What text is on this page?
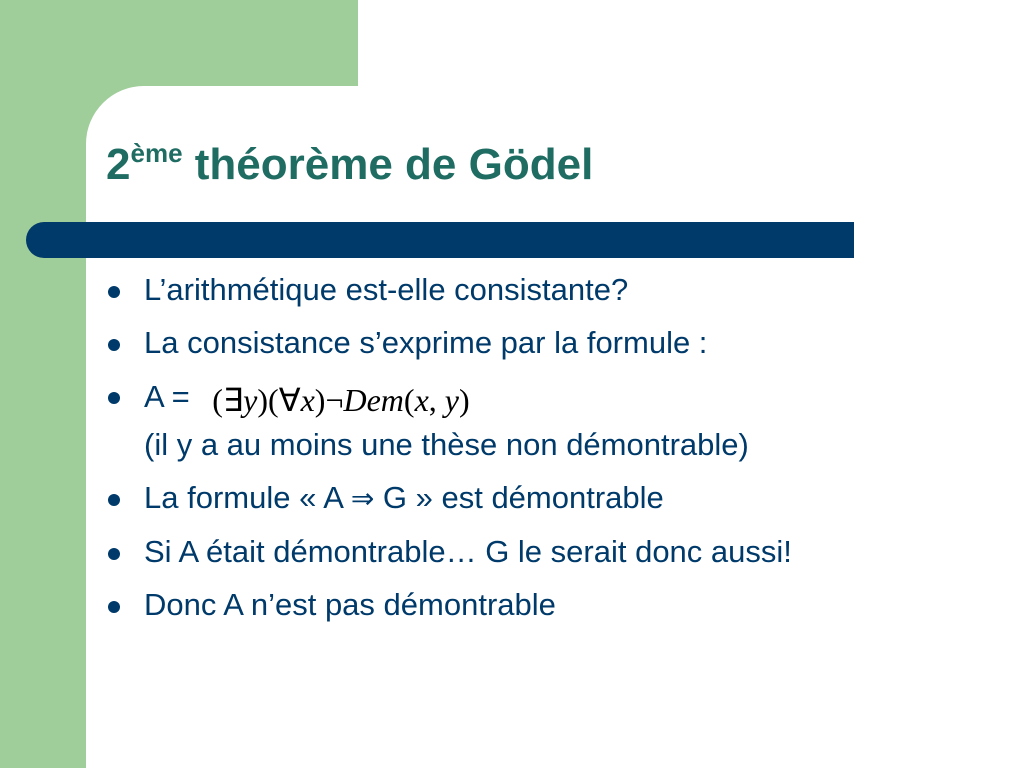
2ème théorème de Gödel
L’arithmétique est-elle consistante?
La consistance s’exprime par la formule :
A = (∃y)(∀x)¬Dem(x, y)
(il y a au moins une thèse non démontrable)
La formule « A ⇒ G » est démontrable
Si A était démontrable… G le serait donc aussi!
Donc A n’est pas démontrable
